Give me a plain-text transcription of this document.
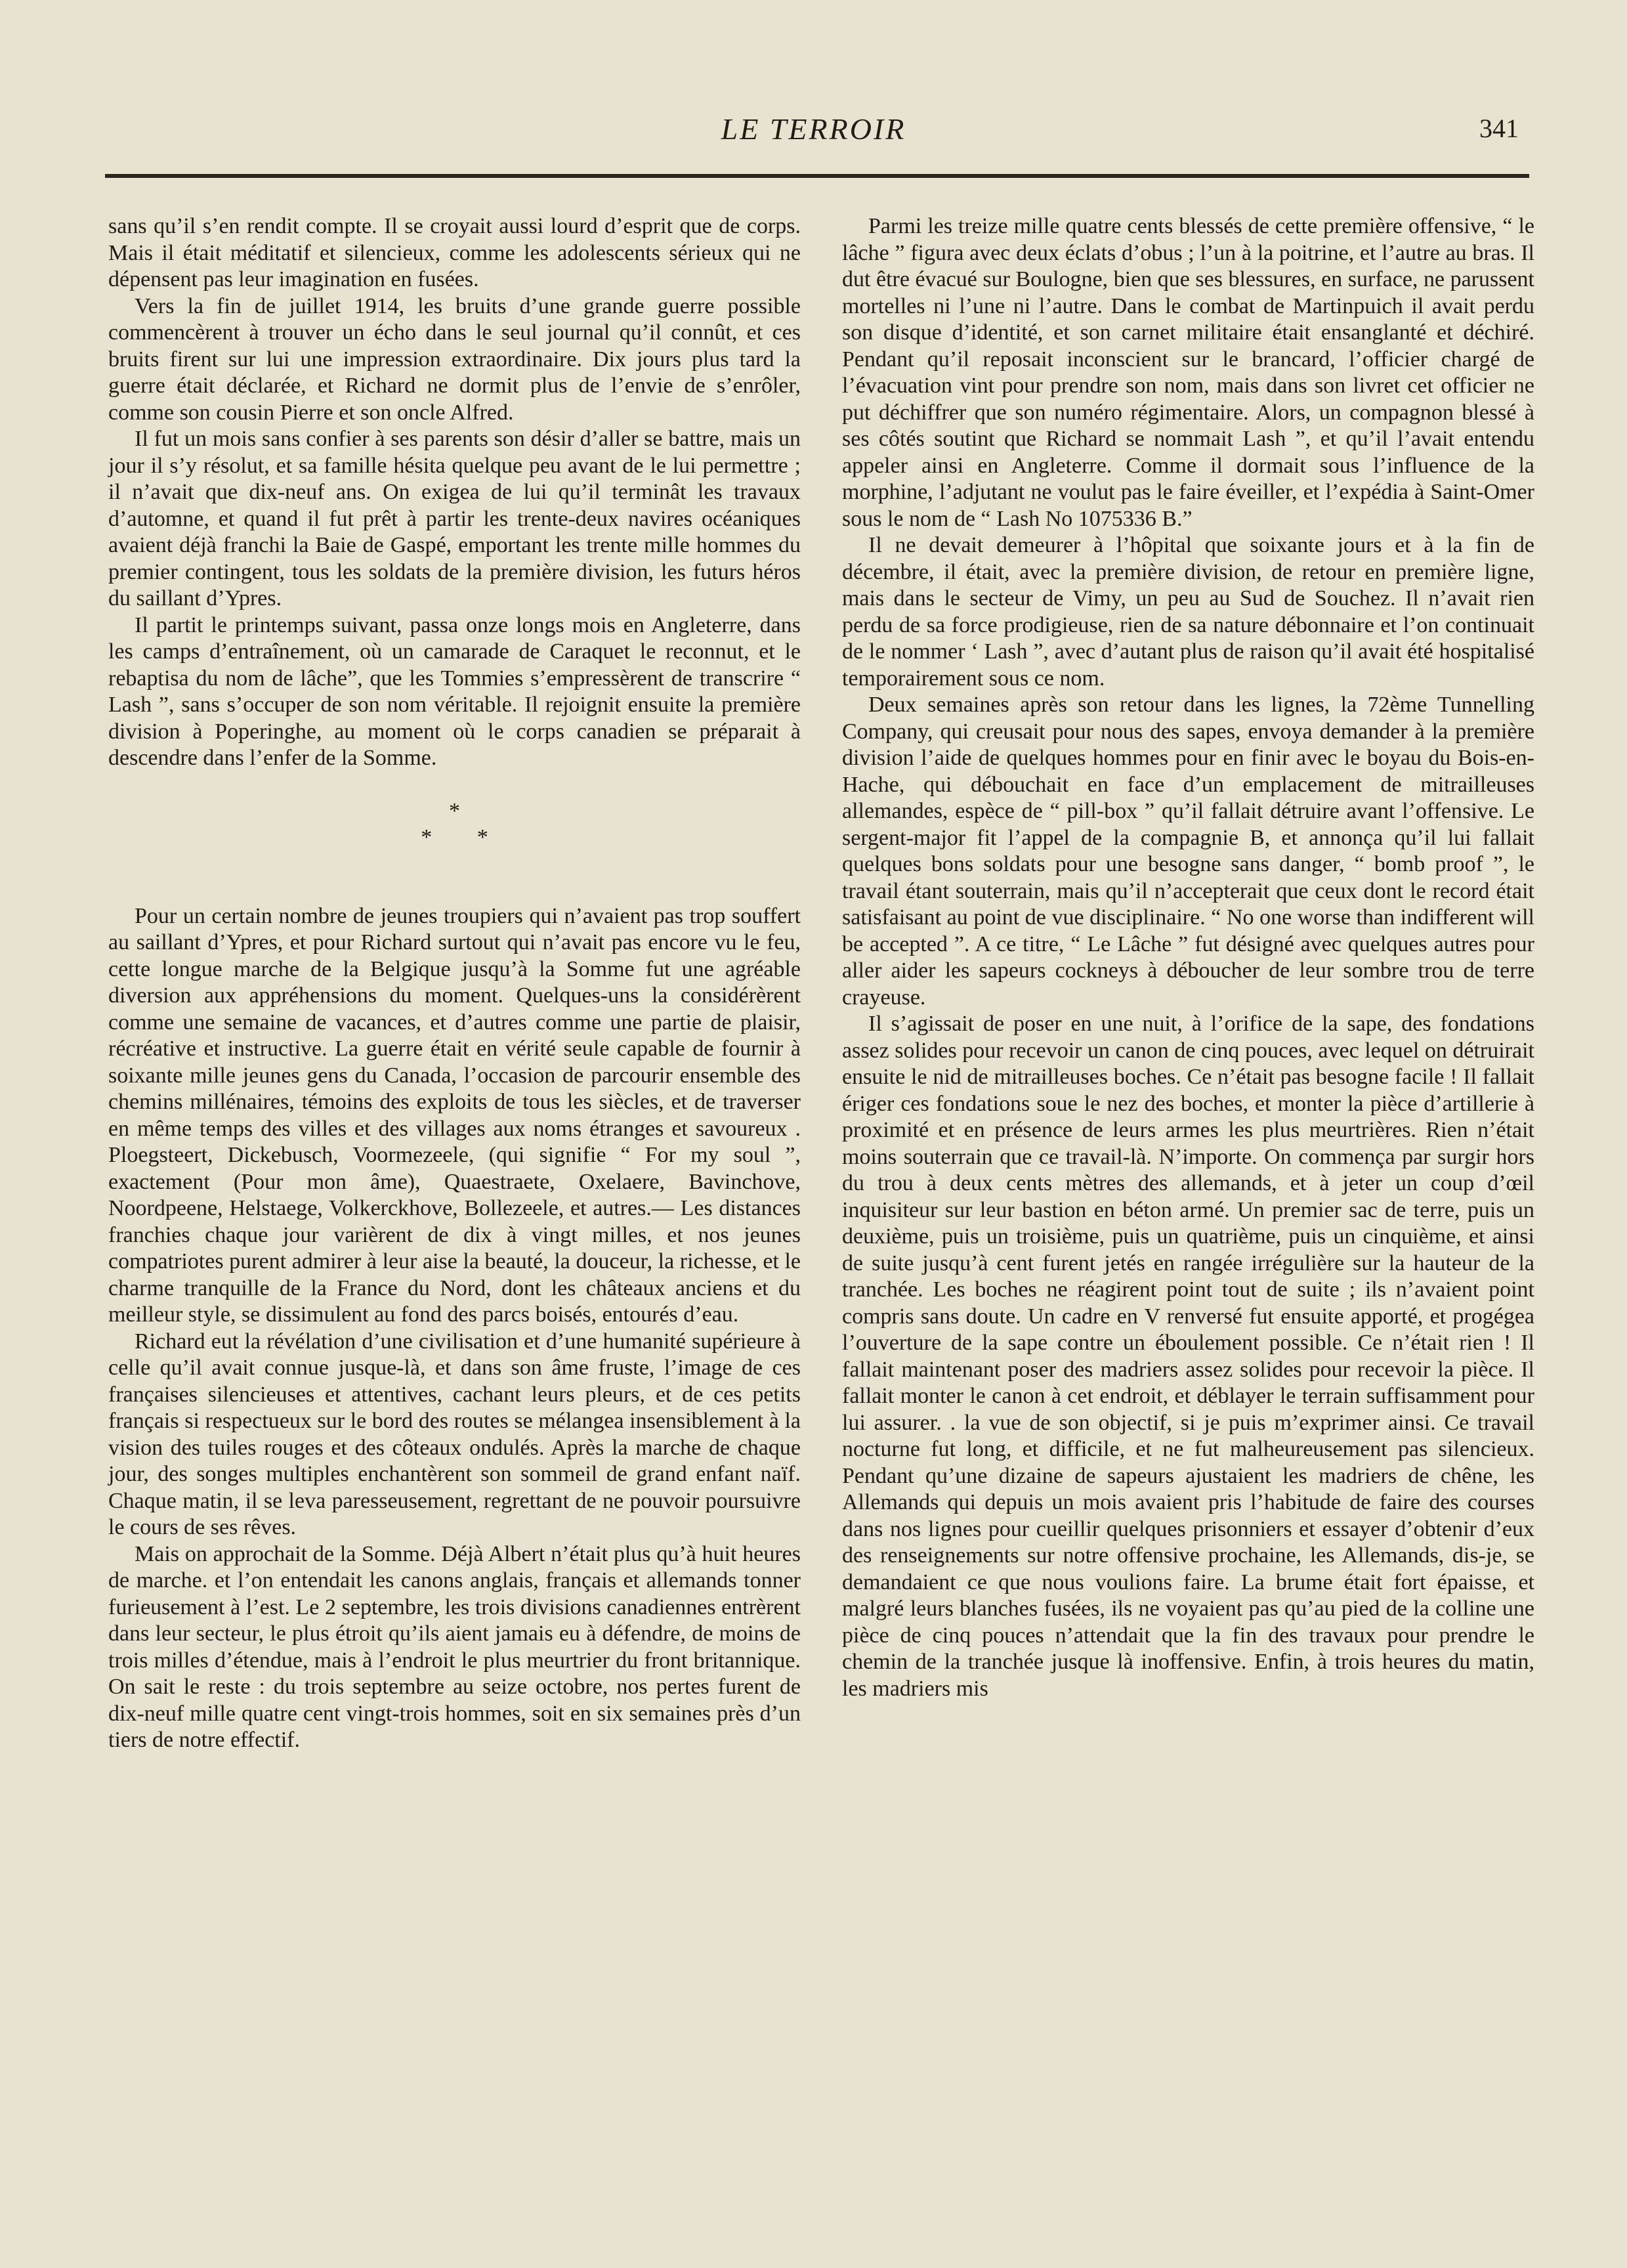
LE TERROIR	341

sans qu’il s’en rendit compte. Il se croyait aussi lourd d’esprit que de corps. Mais il était méditatif et silencieux, comme les adolescents sérieux qui ne dépensent pas leur imagination en fusées.

Vers la fin de juillet 1914, les bruits d’une grande guerre possible commencèrent à trouver un écho dans le seul journal qu’il connût, et ces bruits firent sur lui une impression extraordinaire. Dix jours plus tard la guerre était déclarée, et Richard ne dormit plus de l’envie de s’enrôler, comme son cousin Pierre et son oncle Alfred.

Il fut un mois sans confier à ses parents son désir d’aller se battre, mais un jour il s’y résolut, et sa famille hésita quelque peu avant de le lui permettre ; il n’avait que dix-neuf ans. On exigea de lui qu’il terminât les travaux d’automne, et quand il fut prêt à partir les trente-deux navires océaniques avaient déjà franchi la Baie de Gaspé, emportant les trente mille hommes du premier contingent, tous les soldats de la première division, les futurs héros du saillant d’Ypres.

Il partit le printemps suivant, passa onze longs mois en Angleterre, dans les camps d’entraînement, où un camarade de Caraquet le reconnut, et le rebaptisa du nom de lâche”, que les Tommies s’empressèrent de transcrire “ Lash ”, sans s’occuper de son nom véritable. Il rejoignit ensuite la première division à Poperinghe, au moment où le corps canadien se préparait à descendre dans l’enfer de la Somme.

*
* *

Pour un certain nombre de jeunes troupiers qui n’avaient pas trop souffert au saillant d’Ypres, et pour Richard surtout qui n’avait pas encore vu le feu, cette longue marche de la Belgique jusqu’à la Somme fut une agréable diversion aux appréhensions du moment. Quelques-uns la considérèrent comme une semaine de vacances, et d’autres comme une partie de plaisir, récréative et instructive. La guerre était en vérité seule capable de fournir à soixante mille jeunes gens du Canada, l’occasion de parcourir ensemble des chemins millénaires, témoins des exploits de tous les siècles, et de traverser en même temps des villes et des villages aux noms étranges et savoureux . Ploegsteert, Dickebusch, Voormezeele, (qui signifie “ For my soul ”, exactement (Pour mon âme), Quaestraete, Oxelaere, Bavinchove, Noordpeene, Helstaege, Volkerckhove, Bollezeele, et autres.— Les distances franchies chaque jour varièrent de dix à vingt milles, et nos jeunes compatriotes purent admirer à leur aise la beauté, la douceur, la richesse, et le charme tranquille de la France du Nord, dont les châteaux anciens et du meilleur style, se dissimulent au fond des parcs boisés, entourés d’eau.

Richard eut la révélation d’une civilisation et d’une humanité supérieure à celle qu’il avait connue jusque-là, et dans son âme fruste, l’image de ces françaises silencieuses et attentives, cachant leurs pleurs, et de ces petits français si respectueux sur le bord des routes se mélangea insensiblement à la vision des tuiles rouges et des côteaux ondulés. Après la marche de chaque jour, des songes multiples enchantèrent son sommeil de grand enfant naïf. Chaque matin, il se leva paresseusement, regrettant de ne pouvoir poursuivre le cours de ses rêves.

Mais on approchait de la Somme. Déjà Albert n’était plus qu’à huit heures de marche. et l’on entendait les canons anglais, français et allemands tonner furieusement à l’est. Le 2 septembre, les trois divisions canadiennes entrèrent dans leur secteur, le plus étroit qu’ils aient jamais eu à défendre, de moins de trois milles d’étendue, mais à l’endroit le plus meurtrier du front britannique. On sait le reste : du trois septembre au seize octobre, nos pertes furent de dix-neuf mille quatre cent vingt-trois hommes, soit en six semaines près d’un tiers de notre effectif.

Parmi les treize mille quatre cents blessés de cette première offensive, “ le lâche ” figura avec deux éclats d’obus ; l’un à la poitrine, et l’autre au bras. Il dut être évacué sur Boulogne, bien que ses blessures, en surface, ne parussent mortelles ni l’une ni l’autre. Dans le combat de Martinpuich il avait perdu son disque d’identité, et son carnet militaire était ensanglanté et déchiré. Pendant qu’il reposait inconscient sur le brancard, l’officier chargé de l’évacuation vint pour prendre son nom, mais dans son livret cet officier ne put déchiffrer que son numéro régimentaire. Alors, un compagnon blessé à ses côtés soutint que Richard se nommait Lash ”, et qu’il l’avait entendu appeler ainsi en Angleterre. Comme il dormait sous l’influence de la morphine, l’adjutant ne voulut pas le faire éveiller, et l’expédia à Saint-Omer sous le nom de “ Lash No 1075336 B.”

Il ne devait demeurer à l’hôpital que soixante jours et à la fin de décembre, il était, avec la première division, de retour en première ligne, mais dans le secteur de Vimy, un peu au Sud de Souchez. Il n’avait rien perdu de sa force prodigieuse, rien de sa nature débonnaire et l’on continuait de le nommer ‘ Lash ”, avec d’autant plus de raison qu’il avait été hospitalisé temporairement sous ce nom.

Deux semaines après son retour dans les lignes, la 72ème Tunnelling Company, qui creusait pour nous des sapes, envoya demander à la première division l’aide de quelques hommes pour en finir avec le boyau du Bois-en-Hache, qui débouchait en face d’un emplacement de mitrailleuses allemandes, espèce de “ pill-box ” qu’il fallait détruire avant l’offensive. Le sergent-major fit l’appel de la compagnie B, et annonça qu’il lui fallait quelques bons soldats pour une besogne sans danger, “ bomb proof ”, le travail étant souterrain, mais qu’il n’accepterait que ceux dont le record était satisfaisant au point de vue disciplinaire. “ No one worse than indifferent will be accepted ”. A ce titre, “ Le Lâche ” fut désigné avec quelques autres pour aller aider les sapeurs cockneys à déboucher de leur sombre trou de terre crayeuse.

Il s’agissait de poser en une nuit, à l’orifice de la sape, des fondations assez solides pour recevoir un canon de cinq pouces, avec lequel on détruirait ensuite le nid de mitrailleuses boches. Ce n’était pas besogne facile ! Il fallait ériger ces fondations soue le nez des boches, et monter la pièce d’artillerie à proximité et en présence de leurs armes les plus meurtrières. Rien n’était moins souterrain que ce travail-là. N’importe. On commença par surgir hors du trou à deux cents mètres des allemands, et à jeter un coup d’œil inquisiteur sur leur bastion en béton armé. Un premier sac de terre, puis un deuxième, puis un troisième, puis un quatrième, puis un cinquième, et ainsi de suite jusqu’à cent furent jetés en rangée irrégulière sur la hauteur de la tranchée. Les boches ne réagirent point tout de suite ; ils n’avaient point compris sans doute. Un cadre en V renversé fut ensuite apporté, et progégea l’ouverture de la sape contre un éboulement possible. Ce n’était rien ! Il fallait maintenant poser des madriers assez solides pour recevoir la pièce. Il fallait monter le canon à cet endroit, et déblayer le terrain suffisamment pour lui assurer. . la vue de son objectif, si je puis m’exprimer ainsi. Ce travail nocturne fut long, et difficile, et ne fut malheureusement pas silencieux. Pendant qu’une dizaine de sapeurs ajustaient les madriers de chêne, les Allemands qui depuis un mois avaient pris l’habitude de faire des courses dans nos lignes pour cueillir quelques prisonniers et essayer d’obtenir d’eux des renseignements sur notre offensive prochaine, les Allemands, dis-je, se demandaient ce que nous voulions faire. La brume était fort épaisse, et malgré leurs blanches fusées, ils ne voyaient pas qu’au pied de la colline une pièce de cinq pouces n’attendait que la fin des travaux pour prendre le chemin de la tranchée jusque là inoffensive. Enfin, à trois heures du matin, les madriers mis
